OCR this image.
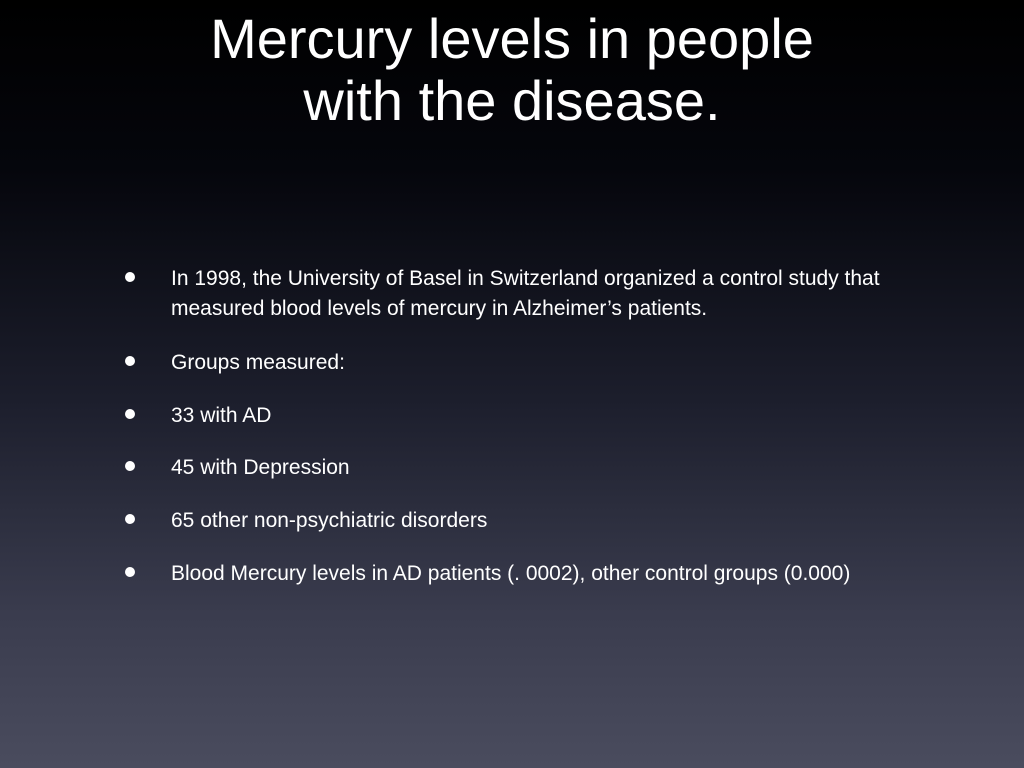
Mercury levels in people
with the disease.
In 1998, the University of Basel in Switzerland organized a control study that measured blood levels of mercury in Alzheimer’s patients.
Groups measured:
33 with AD
45 with Depression
65 other non-psychiatric disorders
Blood Mercury levels in AD patients (. 0002), other control groups (0.000)
